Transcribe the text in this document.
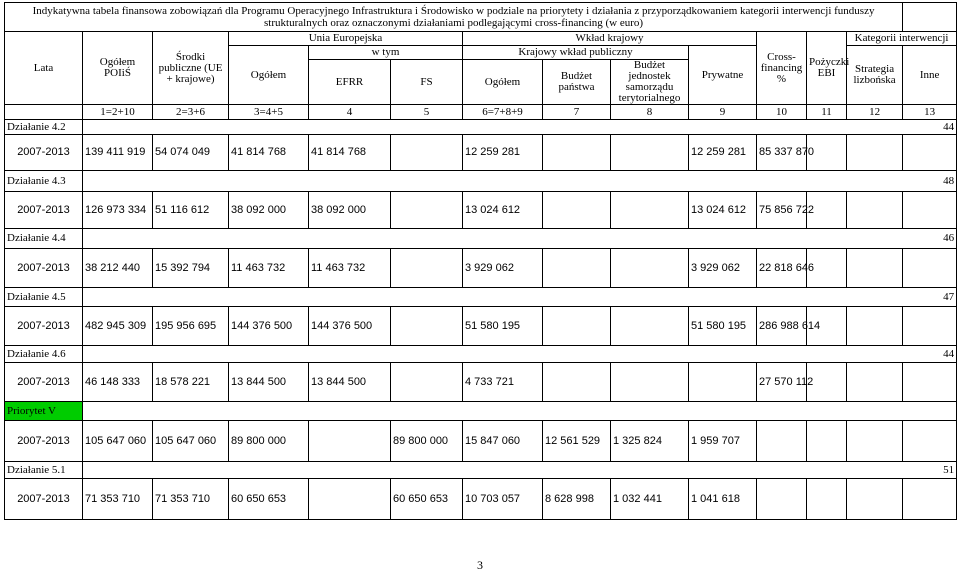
Indykatywna tabela finansowa zobowiązań dla Programu Operacyjnego Infrastruktura i Środowisko w podziale na priorytety i działania z przyporządkowaniem kategorii interwencji funduszy strukturalnych oraz oznaczonymi działaniami podlegającymi cross-financing (w euro)														
Lata	Ogółem POIiŚ	Środki publiczne (UE + krajowe)	Unia Europejska			Wkład krajowy				Cross-financing %	Pożyczki EBI	Kategorii interwencji		
			Ogółem	w tym		Krajowy wkład publiczny			Prywatne			Strategia lizbońska	Inne	
				EFRR	FS	Ogółem	Budżet państwa	Budżet jednostek samorządu terytorialnego	

	1=2+10	2=3+6	3=4+5	4	5	6=7+8+9	7	8	9	10	11	12	13	
Działanie 4.2	44													
2007-2013	139 411 919	54 074 049	41 814 768	41 814 768		12 259 281			12 259 281	85 337 870				
Działanie 4.3	48													
2007-2013	126 973 334	51 116 612	38 092 000	38 092 000		13 024 612			13 024 612	75 856 722				
Działanie 4.4	46													
2007-2013	38 212 440	15 392 794	11 463 732	11 463 732		3 929 062			3 929 062	22 818 646				
Działanie 4.5	47													
2007-2013	482 945 309	195 956 695	144 376 500	144 376 500		51 580 195			51 580 195	286 988 614				
Działanie 4.6	44													
2007-2013	46 148 333	18 578 221	13 844 500	13 844 500		4 733 721				27 570 112				
Priorytet V														
2007-2013	105 647 060	105 647 060	89 800 000		89 800 000	15 847 060	12 561 529	1 325 824	1 959 707					
Działanie 5.1	51													
2007-2013	71 353 710	71 353 710	60 650 653		60 650 653	10 703 057	8 628 998	1 032 441	1 041 618					
3
